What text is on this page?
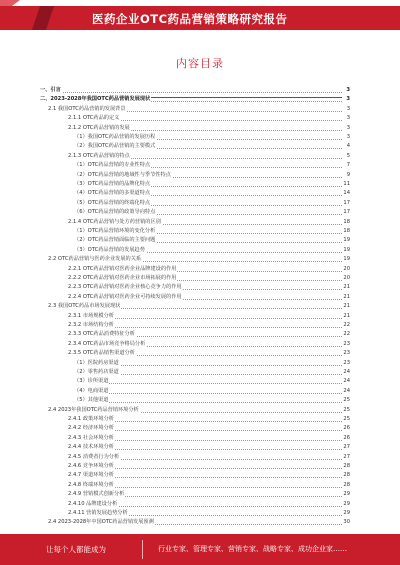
医药企业OTC药品营销策略研究报告
内容目录
一、引言	3
二、2023-2028年我国OTC药品营销发展现状	3
2.1 我国OTC药品营销的发展背景	3
2.1.1 OTC药品的定义	3
2.1.2 OTC药品营销的发展	3
（1）我国OTC药品营销的发展历程	3
（2）我国OTC药品营销的主要模式	4
2.1.3 OTC药品营销的特点	5
（1）OTC药品营销的专业性特点	7
（2）OTC药品营销的地域性与季节性特点	9
（3）OTC药品营销的品牌化特点	11
（4）OTC药品营销的多渠道特点	14
（5）OTC药品营销的终端化特点	17
（6）OTC药品营销的政策导向特点	17
2.1.4 OTC药品营销与处方药营销的区别	18
（1）OTC药品营销环境的变化分析	18
（2）OTC药品营销面临的主要问题	19
（3）OTC药品营销的发展趋势	19
2.2 OTC药品营销与医药企业发展的关系	19
2.2.1 OTC药品营销对医药企业品牌建设的作用	20
2.2.2 OTC药品营销对医药企业市场拓展的作用	20
2.2.3 OTC药品营销对医药企业核心竞争力的作用	21
2.2.4 OTC药品营销对医药企业可持续发展的作用	21
2.3 我国OTC药品市场发展现状	21
2.3.1 市场规模分析	21
2.3.2 市场结构分析	22
2.3.3 OTC药品消费特征分析	22
2.3.4 OTC药品市场竞争格局分析	23
2.3.5 OTC药品销售渠道分析	23
（1）医院药房渠道	23
（2）零售药店渠道	24
（3）诊所渠道	24
（4）电商渠道	24
（5）其他渠道	25
2.4 2023年我国OTC药品营销环境分析	25
2.4.1 政策环境分析	25
2.4.2 经济环境分析	26
2.4.3 社会环境分析	26
2.4.4 技术环境分析	27
2.4.5 消费者行为分析	27
2.4.6 竞争环境分析	28
2.4.7 渠道环境分析	28
2.4.8 终端环境分析	28
2.4.9 营销模式创新分析	29
2.4.10 品牌建设分析	29
2.4.11 营销发展趋势分析	29
2.4 2023-2028年中国OTC药品营销发展预测	30
让每个人都能成为	行业专家、管理专家、营销专家、战略专家、成功企业家……
